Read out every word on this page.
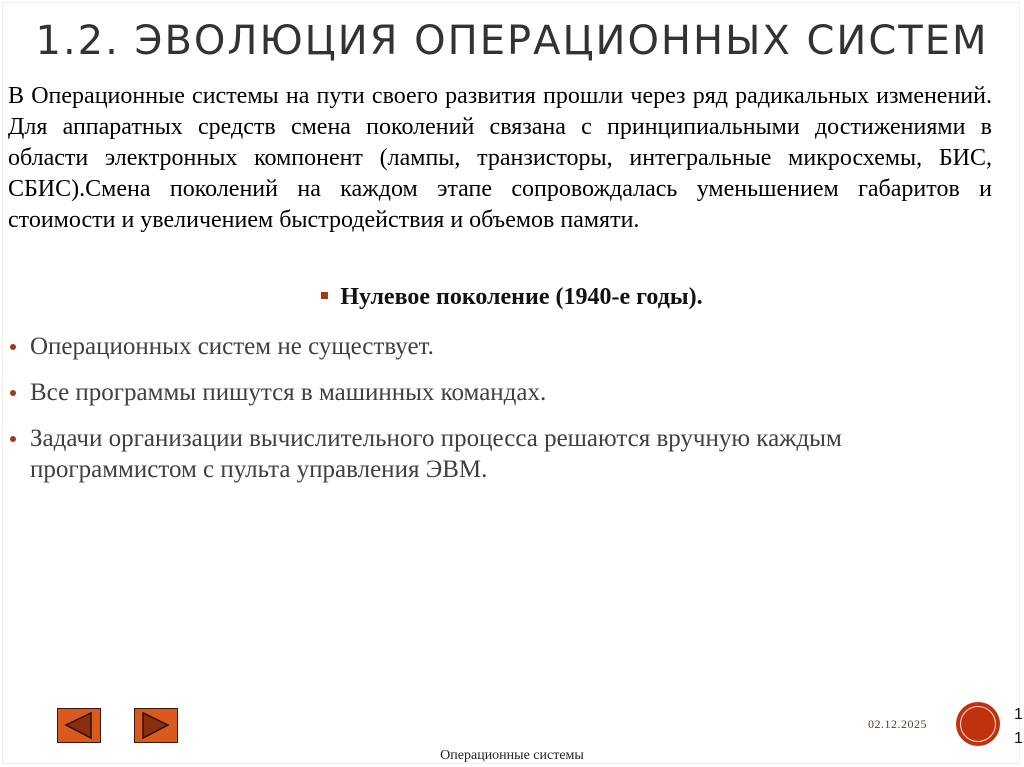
1.2. ЭВОЛЮЦИЯ ОПЕРАЦИОННЫХ СИСТЕМ
В Операционные системы на пути своего развития прошли через ряд радикальных изменений. Для аппаратных средств смена поколений связана с принципиальными достижениями в области электронных компонент (лампы, транзисторы, интегральные микросхемы, БИС, СБИС).Смена поколений на каждом этапе сопровождалась уменьшением габаритов и стоимости и увеличением быстродействия и объемов памяти.
Нулевое поколение (1940-е годы).
Операционных систем не существует.
Все программы пишутся в машинных командах.
Задачи организации вычислительного процесса решаются вручную каждым программистом с пульта управления ЭВМ.
02.12.2025
11
Операционные системы
